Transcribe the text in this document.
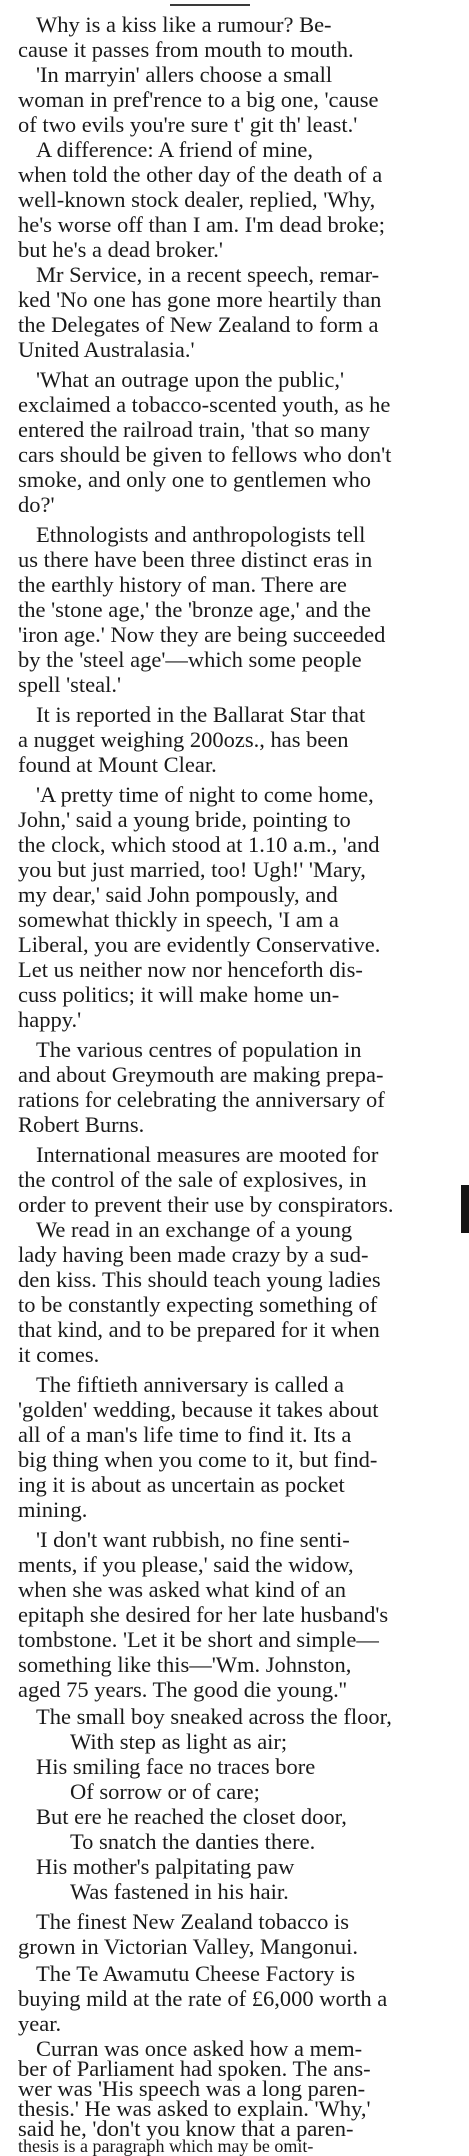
Why is a kiss like a rumour? Be-
cause it passes from mouth to mouth.
'In marryin' allers choose a small
woman in pref'rence to a big one, 'cause
of two evils you're sure t' git th' least.'
A difference: A friend of mine,
when told the other day of the death of a
well-known stock dealer, replied, 'Why,
he's worse off than I am. I'm dead broke;
but he's a dead broker.'
Mr Service, in a recent speech, remar-
ked 'No one has gone more heartily than
the Delegates of New Zealand to form a
United Australasia.'
'What an outrage upon the public,'
exclaimed a tobacco-scented youth, as he
entered the railroad train, 'that so many
cars should be given to fellows who don't
smoke, and only one to gentlemen who
do?'
Ethnologists and anthropologists tell
us there have been three distinct eras in
the earthly history of man. There are
the 'stone age,' the 'bronze age,' and the
'iron age.' Now they are being succeeded
by the 'steel age'—which some people
spell 'steal.'
It is reported in the Ballarat Star that
a nugget weighing 200ozs., has been
found at Mount Clear.
'A pretty time of night to come home,
John,' said a young bride, pointing to
the clock, which stood at 1.10 a.m., 'and
you but just married, too! Ugh!' 'Mary,
my dear,' said John pompously, and
somewhat thickly in speech, 'I am a
Liberal, you are evidently Conservative.
Let us neither now nor henceforth dis-
cuss politics; it will make home un-
happy.'
The various centres of population in
and about Greymouth are making prepa-
rations for celebrating the anniversary of
Robert Burns.
International measures are mooted for
the control of the sale of explosives, in
order to prevent their use by conspirators.
We read in an exchange of a young
lady having been made crazy by a sud-
den kiss. This should teach young ladies
to be constantly expecting something of
that kind, and to be prepared for it when
it comes.
The fiftieth anniversary is called a
'golden' wedding, because it takes about
all of a man's life time to find it. Its a
big thing when you come to it, but find-
ing it is about as uncertain as pocket
mining.
'I don't want rubbish, no fine senti-
ments, if you please,' said the widow,
when she was asked what kind of an
epitaph she desired for her late husband's
tombstone. 'Let it be short and simple—
something like this—'Wm. Johnston,
aged 75 years. The good die young.''
The small boy sneaked across the floor,
With step as light as air;
His smiling face no traces bore
Of sorrow or of care;
But ere he reached the closet door,
To snatch the danties there.
His mother's palpitating paw
Was fastened in his hair.
The finest New Zealand tobacco is
grown in Victorian Valley, Mangonui.
The Te Awamutu Cheese Factory is
buying mild at the rate of £6,000 worth a
year.
Curran was once asked how a mem-
ber of Parliament had spoken. The ans-
wer was 'His speech was a long paren-
thesis.' He was asked to explain. 'Why,'
said he, 'don't you know that a paren-
thesis is a paragraph which may be omit-
